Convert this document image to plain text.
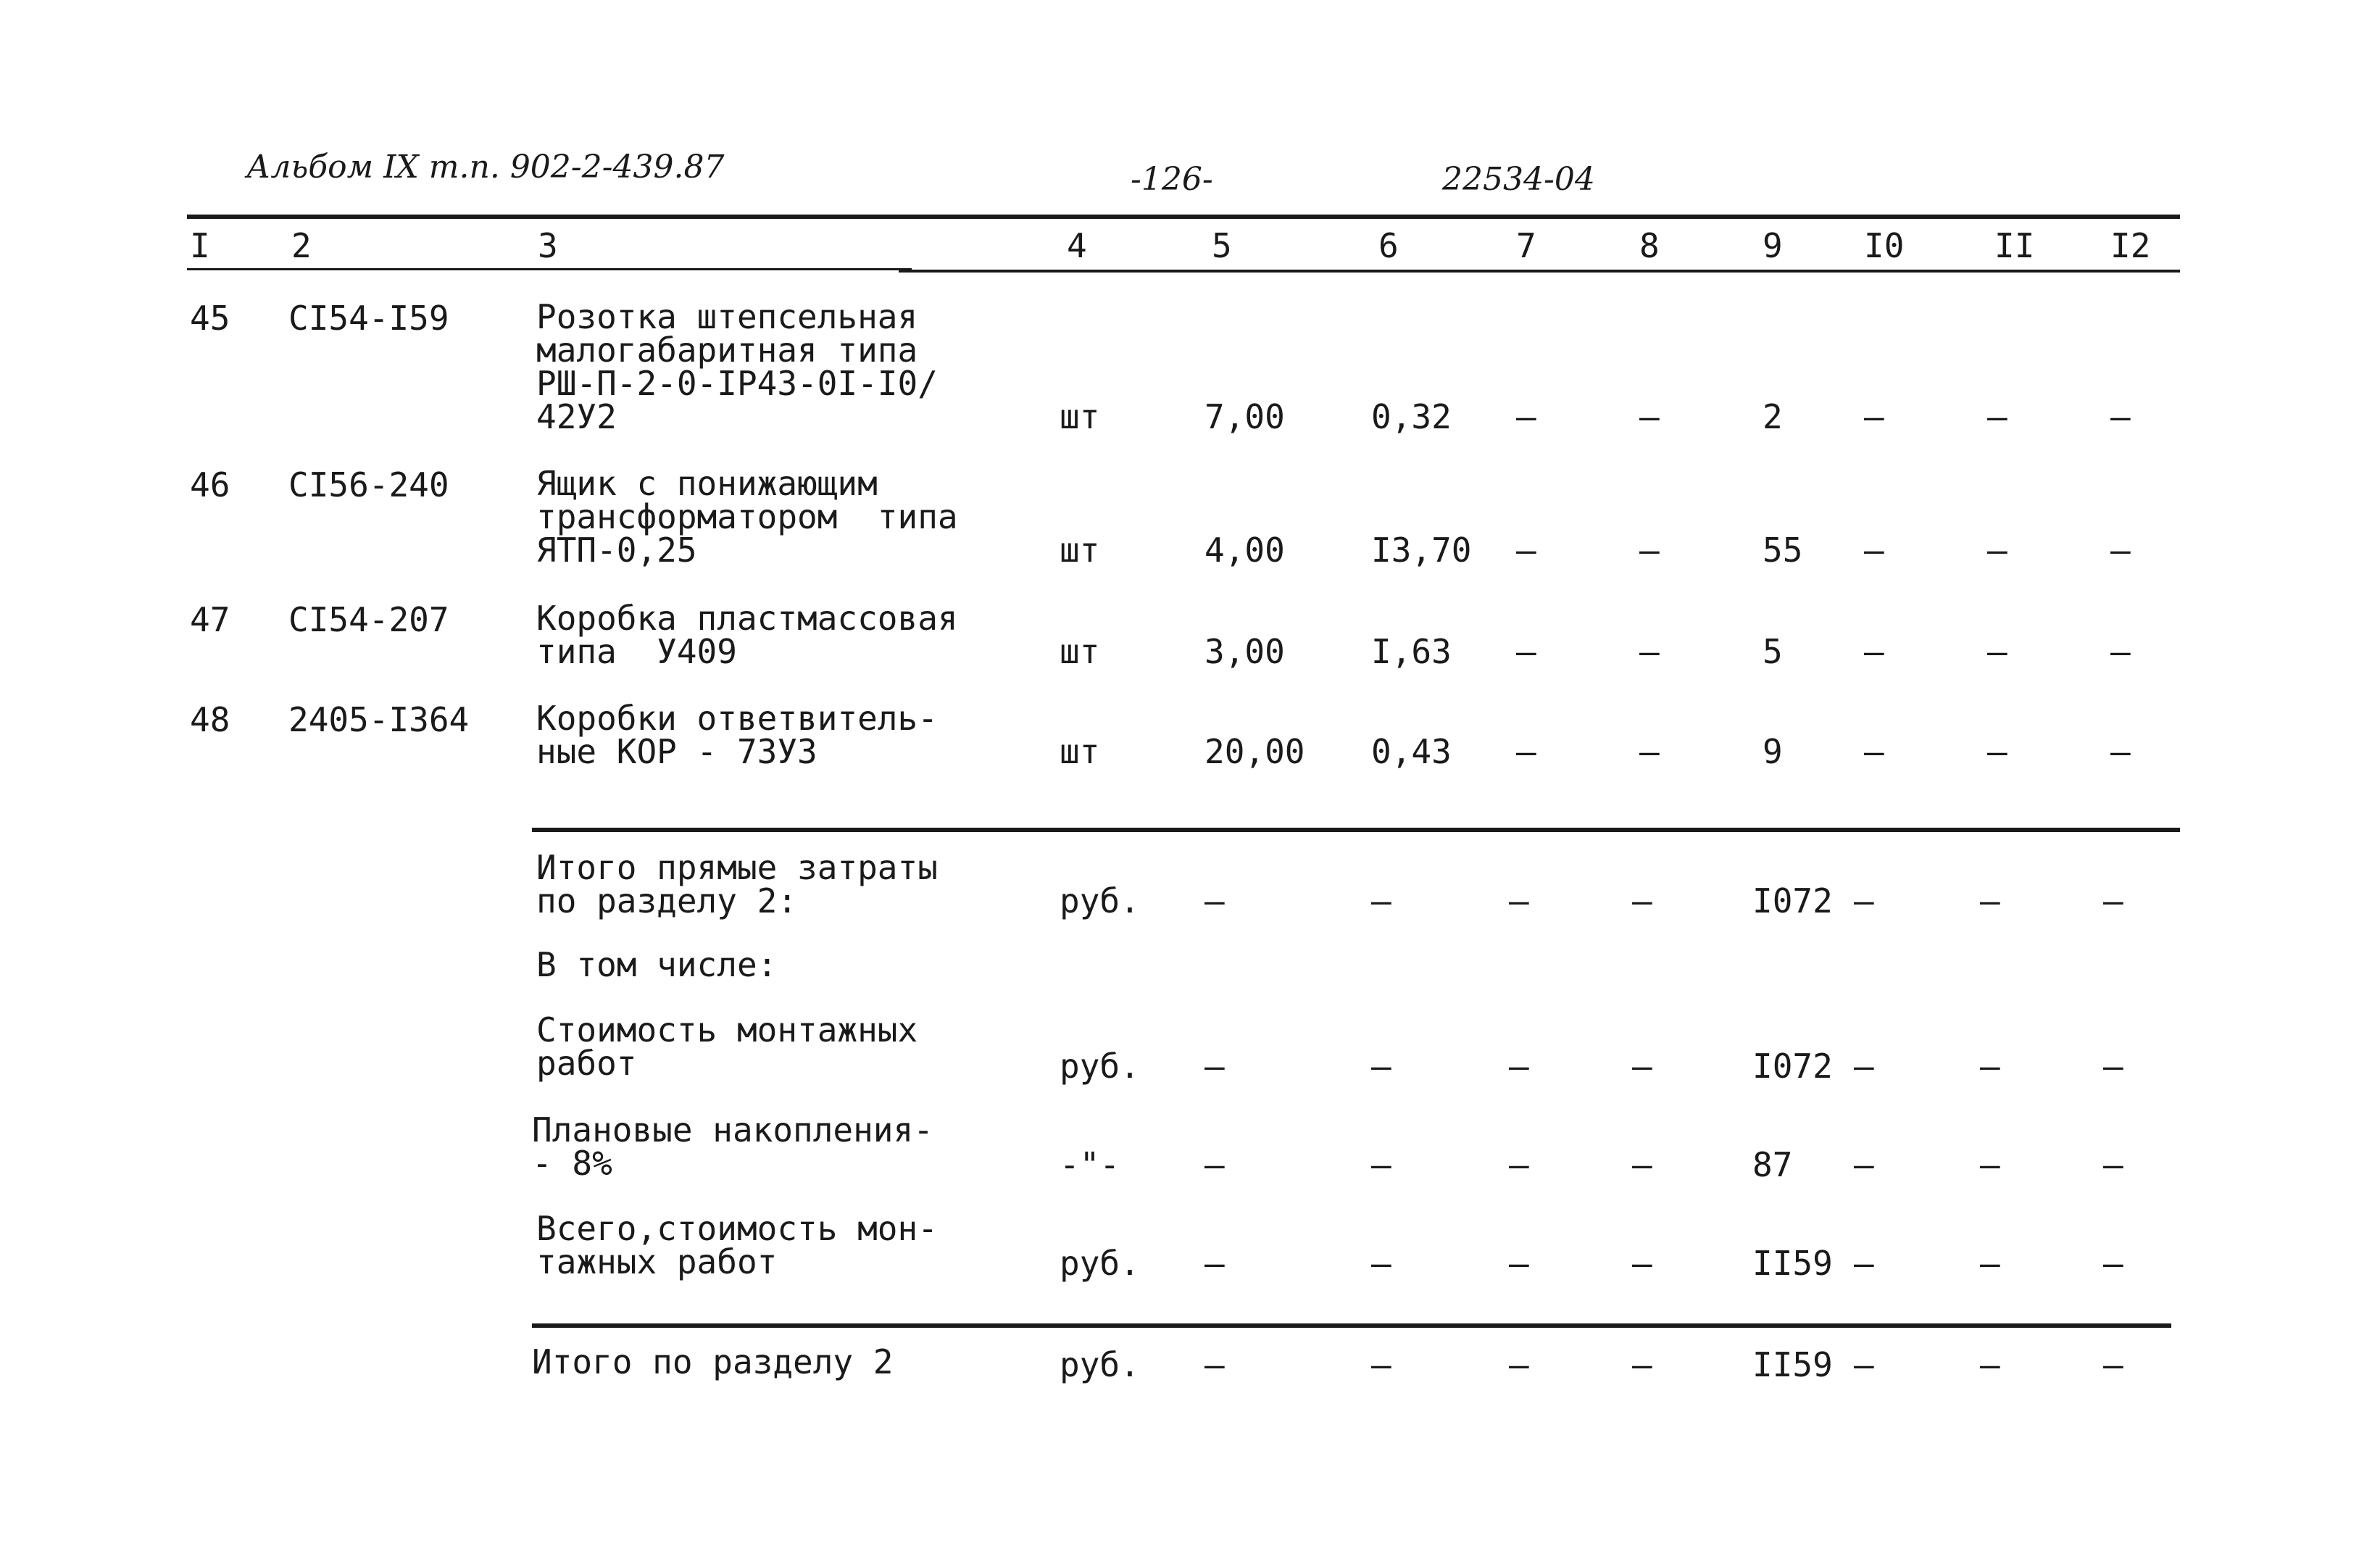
Альбом IX т.п. 902-2-439.87	-126-	22534-04
I 2	3	4	5	6	7	8	9 I0	II I2
45 CI54-I59	Розотка штепсельная
малогабаритная типа
РШ-П-2-0-IР43-0I-I0/
42У2	шт	7,00	0,32 –	–	2 –	–	–
46 CI56-240	Ящик с понижающим
трансформатором  типа
ЯТП-0,25	шт	4,00	I3,70 –	–	55 –	–	–
47 CI54-207	Коробка пластмассовая
типа  У409	шт	3,00	I,63 –	–	5 –	–	–
48 2405-I364 Коробки ответвитель-
ные КОР - 73У3	шт	20,00 0,43 –	–	9 –	–	–
Итого прямые затраты
по разделу 2:	руб. –	–	–	–	I072 –	–	–
В том числе:
Стоимость монтажных
работ	руб. –	–	–	–	I072 –	–	–
Плановые накопления-
- 8%	-"-	–	–	–	–	87 –	–	–
Всего,стоимость мон-
тажных работ	руб. –	–	–	–	II59 –	–	–
Итого по разделу 2	руб. –	–	–	–	II59 –	–	–
